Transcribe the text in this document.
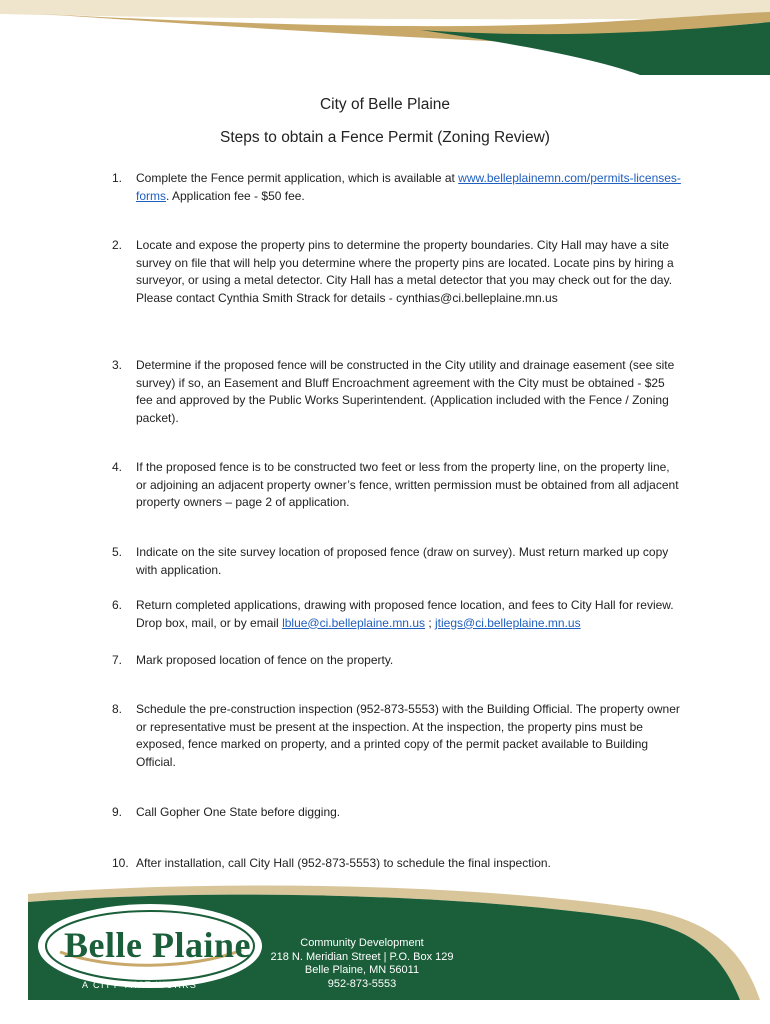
City of Belle Plaine

Steps to obtain a Fence Permit (Zoning Review)

1.	Complete the Fence permit application, which is available at www.belleplainemn.com/permits-licenses-forms. Application fee - $50 fee.
2.	Locate and expose the property pins to determine the property boundaries. City Hall may have a site survey on file that will help you determine where the property pins are located. Locate pins by hiring a surveyor, or using a metal detector. City Hall has a metal detector that you may check out for the day. Please contact Cynthia Smith Strack for details - cynthias@ci.belleplaine.mn.us
3.	Determine if the proposed fence will be constructed in the City utility and drainage easement (see site survey) if so, an Easement and Bluff Encroachment agreement with the City must be obtained - $25 fee and approved by the Public Works Superintendent. (Application included with the Fence / Zoning packet).
4.	If the proposed fence is to be constructed two feet or less from the property line, on the property line, or adjoining an adjacent property owner’s fence, written permission must be obtained from all adjacent property owners – page 2 of application.
5.	Indicate on the site survey location of proposed fence (draw on survey). Must return marked up copy with application.
6.	Return completed applications, drawing with proposed fence location, and fees to City Hall for review. Drop box, mail, or by email lblue@ci.belleplaine.mn.us ; jtiegs@ci.belleplaine.mn.us
7.	Mark proposed location of fence on the property.
8.	Schedule the pre-construction inspection (952-873-5553) with the Building Official. The property owner or representative must be present at the inspection. At the inspection, the property pins must be exposed, fence marked on property, and a printed copy of the permit packet available to Building Official.
9.	Call Gopher One State before digging.
10. After installation, call City Hall (952-873-5553) to schedule the final inspection.
Belle Plaine
A CITY THAT WORKS
Community Development
218 N. Meridian Street | P.O. Box 129
Belle Plaine, MN 56011
952-873-5553
